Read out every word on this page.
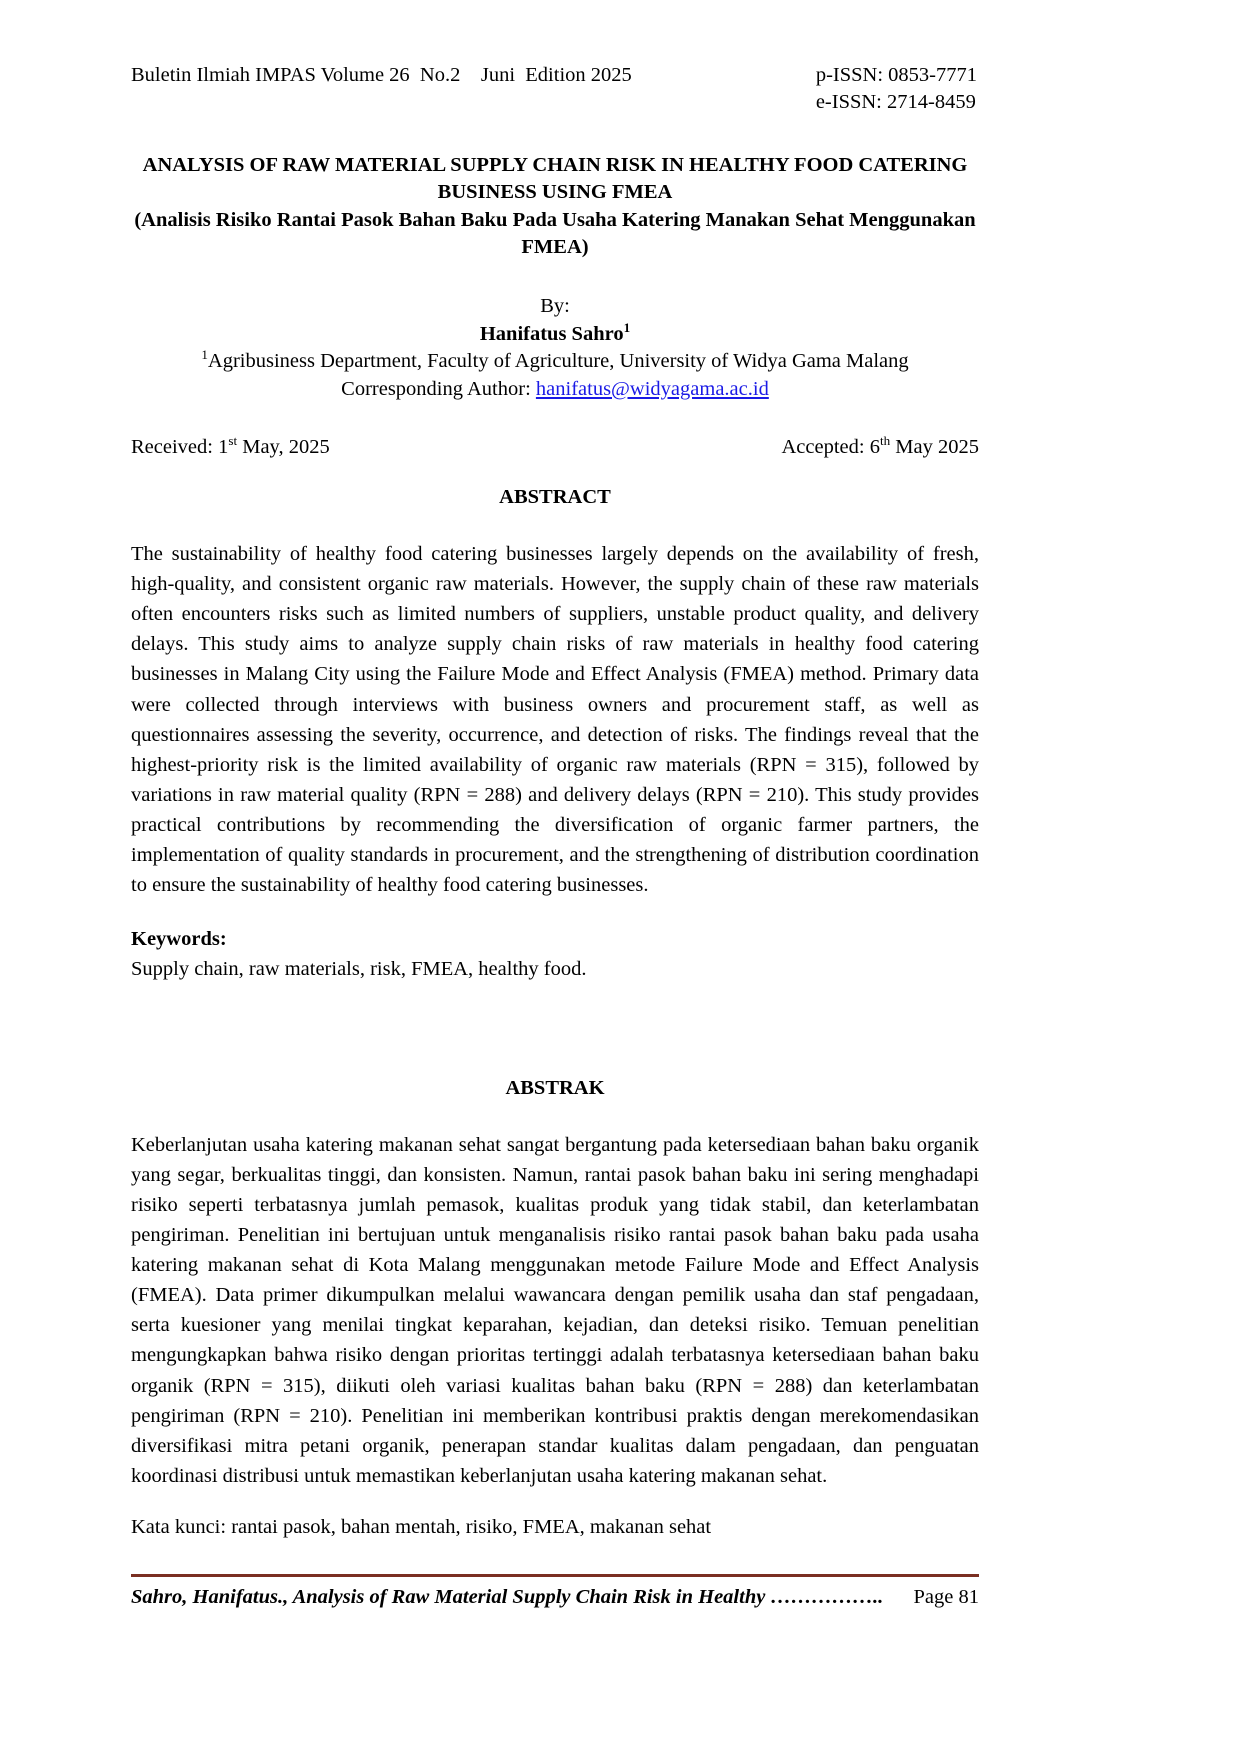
Buletin Ilmiah IMPAS Volume 26  No.2    Juni  Edition 2025	p-ISSN: 0853-7771
e-ISSN: 2714-8459
ANALYSIS OF RAW MATERIAL SUPPLY CHAIN RISK IN HEALTHY FOOD CATERING BUSINESS USING FMEA
(Analisis Risiko Rantai Pasok Bahan Baku Pada Usaha Katering Manakan Sehat Menggunakan FMEA)
By:
Hanifatus Sahro$^1$
$^1$Agribusiness Department, Faculty of Agriculture, University of Widya Gama Malang
Corresponding Author: hanifatus@widyagama.ac.id
Received: 1st May, 2025	Accepted: 6th May 2025
ABSTRACT
The sustainability of healthy food catering businesses largely depends on the availability of fresh, high-quality, and consistent organic raw materials. However, the supply chain of these raw materials often encounters risks such as limited numbers of suppliers, unstable product quality, and delivery delays. This study aims to analyze supply chain risks of raw materials in healthy food catering businesses in Malang City using the Failure Mode and Effect Analysis (FMEA) method. Primary data were collected through interviews with business owners and procurement staff, as well as questionnaires assessing the severity, occurrence, and detection of risks. The findings reveal that the highest-priority risk is the limited availability of organic raw materials (RPN = 315), followed by variations in raw material quality (RPN = 288) and delivery delays (RPN = 210). This study provides practical contributions by recommending the diversification of organic farmer partners, the implementation of quality standards in procurement, and the strengthening of distribution coordination to ensure the sustainability of healthy food catering businesses.
Keywords:
Supply chain, raw materials, risk, FMEA, healthy food.
ABSTRAK
Keberlanjutan usaha katering makanan sehat sangat bergantung pada ketersediaan bahan baku organik yang segar, berkualitas tinggi, dan konsisten. Namun, rantai pasok bahan baku ini sering menghadapi risiko seperti terbatasnya jumlah pemasok, kualitas produk yang tidak stabil, dan keterlambatan pengiriman. Penelitian ini bertujuan untuk menganalisis risiko rantai pasok bahan baku pada usaha katering makanan sehat di Kota Malang menggunakan metode Failure Mode and Effect Analysis (FMEA). Data primer dikumpulkan melalui wawancara dengan pemilik usaha dan staf pengadaan, serta kuesioner yang menilai tingkat keparahan, kejadian, dan deteksi risiko. Temuan penelitian mengungkapkan bahwa risiko dengan prioritas tertinggi adalah terbatasnya ketersediaan bahan baku organik (RPN = 315), diikuti oleh variasi kualitas bahan baku (RPN = 288) dan keterlambatan pengiriman (RPN = 210). Penelitian ini memberikan kontribusi praktis dengan merekomendasikan diversifikasi mitra petani organik, penerapan standar kualitas dalam pengadaan, dan penguatan koordinasi distribusi untuk memastikan keberlanjutan usaha katering makanan sehat.
Kata kunci: rantai pasok, bahan mentah, risiko, FMEA, makanan sehat
Sahro, Hanifatus., Analysis of Raw Material Supply Chain Risk in Healthy …………….. Page 81
